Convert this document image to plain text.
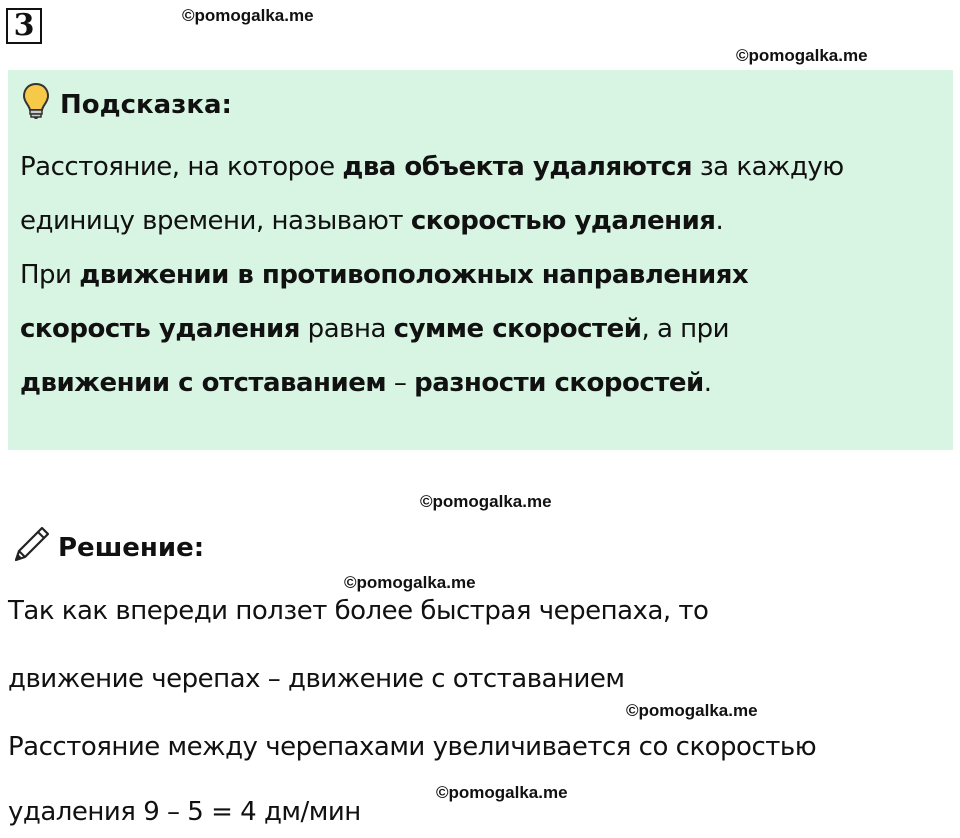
3	©pomogalka.me
©pomogalka.me
Подсказка:
Расстояние, на которое два объекта удаляются за каждую
единицу времени, называют скоростью удаления.
При движении в противоположных направлениях
скорость удаления равна сумме скоростей, а при
движении с отставанием – разности скоростей.
©pomogalka.me
Решение:
©pomogalka.me
Так как впереди ползет более быстрая черепаха, то
движение черепах – движение с отставанием
©pomogalka.me
Расстояние между черепахами увеличивается со скоростью
©pomogalka.me
удаления 9 – 5 = 4 дм/мин
